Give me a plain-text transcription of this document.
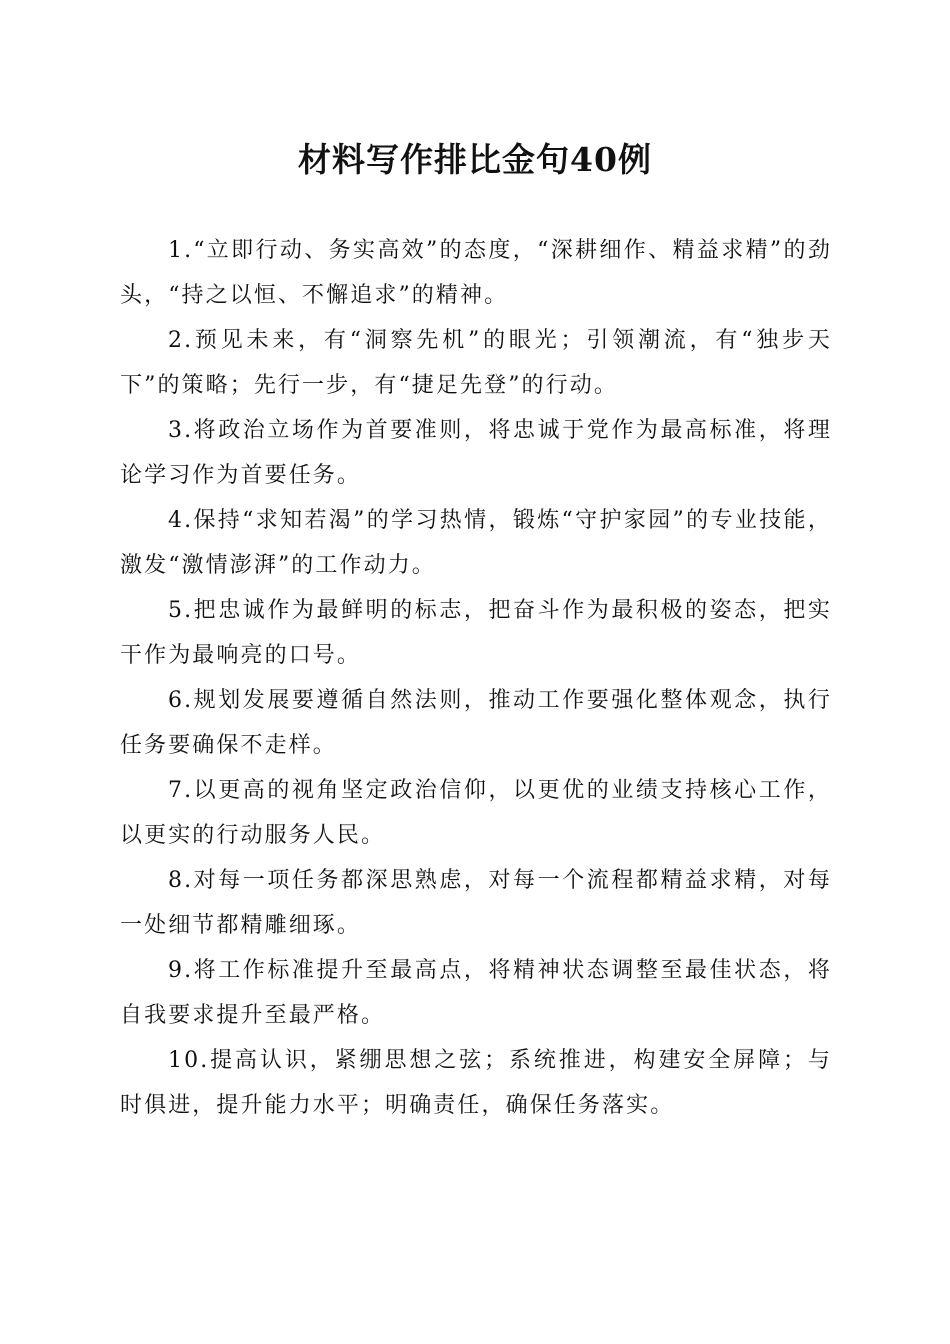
材料写作排比金句40例

1.“立即行动、务实高效”的态度，“深耕细作、精益求精”的劲头，“持之以恒、不懈追求”的精神。

2.预见未来，有“洞察先机”的眼光；引领潮流，有“独步天下”的策略；先行一步，有“捷足先登”的行动。

3.将政治立场作为首要准则，将忠诚于党作为最高标准，将理论学习作为首要任务。

4.保持“求知若渴”的学习热情，锻炼“守护家园”的专业技能，激发“激情澎湃”的工作动力。

5.把忠诚作为最鲜明的标志，把奋斗作为最积极的姿态，把实干作为最响亮的口号。

6.规划发展要遵循自然法则，推动工作要强化整体观念，执行任务要确保不走样。

7.以更高的视角坚定政治信仰，以更优的业绩支持核心工作，以更实的行动服务人民。

8.对每一项任务都深思熟虑，对每一个流程都精益求精，对每一处细节都精雕细琢。

9.将工作标准提升至最高点，将精神状态调整至最佳状态，将自我要求提升至最严格。

10.提高认识，紧绷思想之弦；系统推进，构建安全屏障；与时俱进，提升能力水平；明确责任，确保任务落实。
